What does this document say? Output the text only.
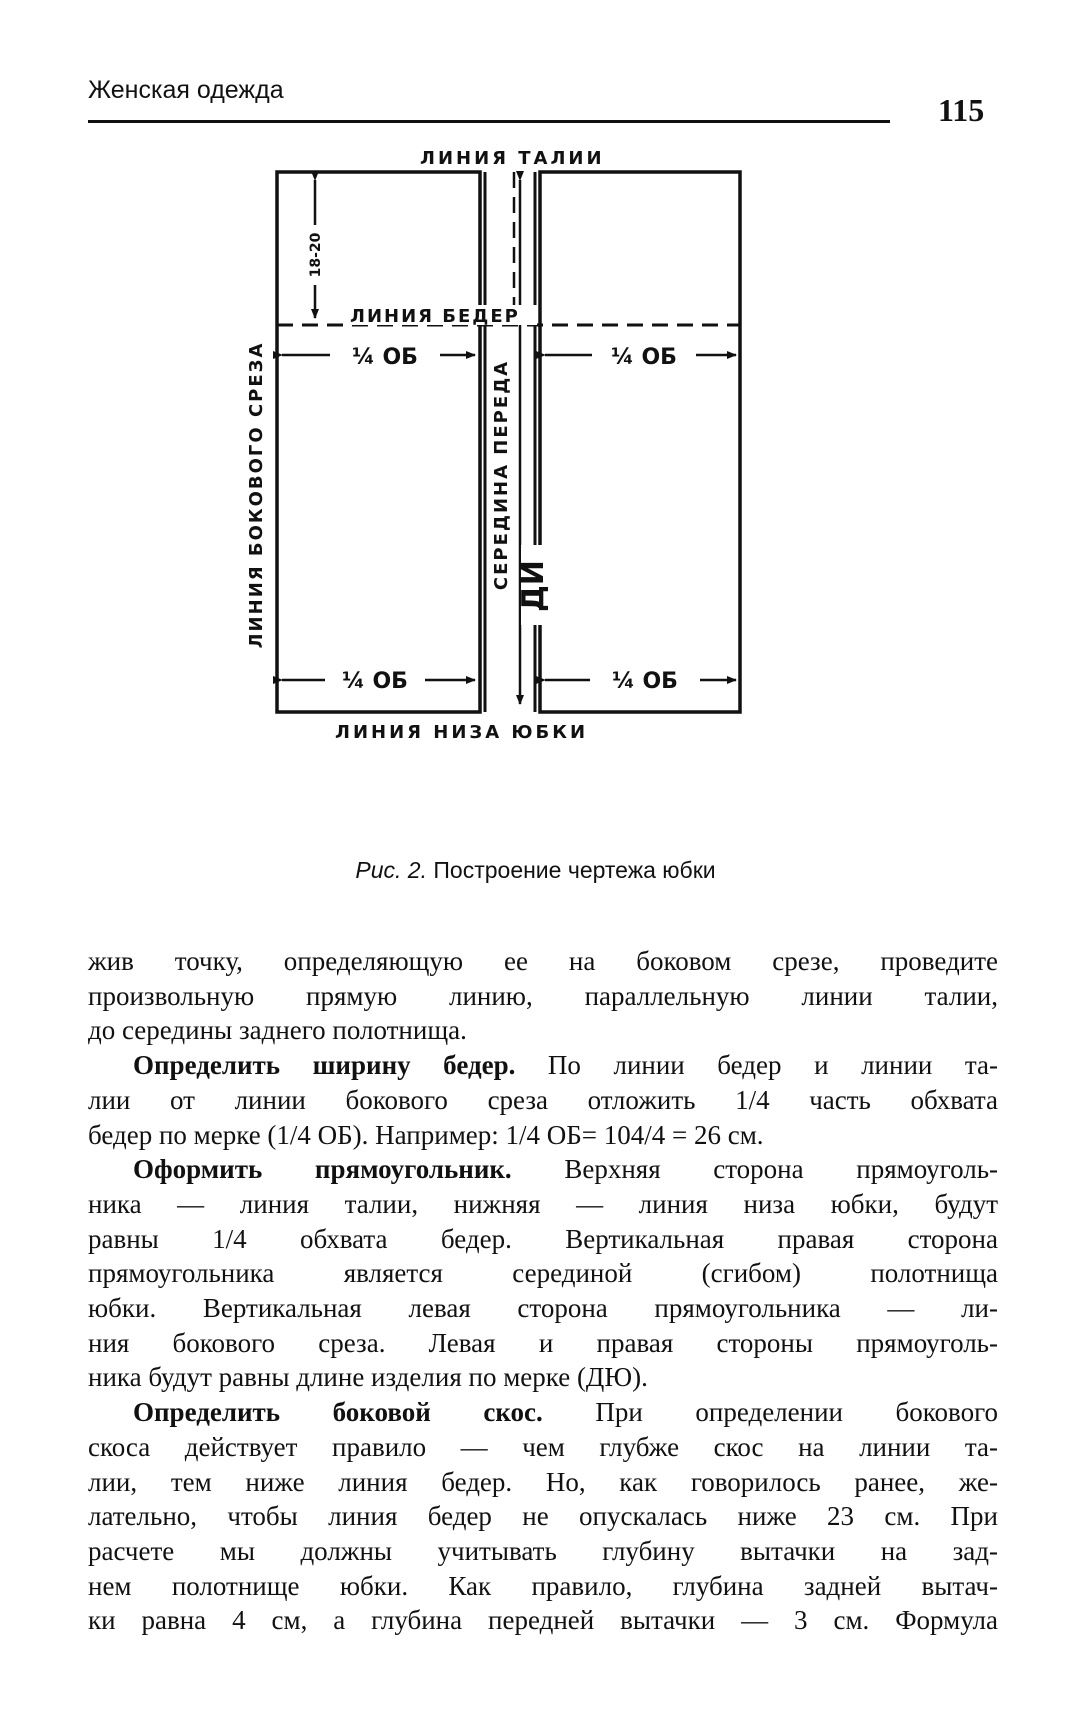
Женская одежда
115
¼ ОБ	¼ ОБ
¼ ОБ	¼ ОБ
ЛИНИЯ ТАЛИИ
ЛИНИЯ БЕДЕР
ЛИНИЯ НИЗА ЮБКИ
18-20
ЛИНИЯ БОКОВОГО СРЕЗА	СЕРЕДИНА ПЕРЕДА ДИ
Рис. 2. Построение чертежа юбки

жив точку, определяющую ее на боковом срезе, проведите

произвольную прямую линию, параллельную линии талии,

до середины заднего полотнища.

Определить ширину бедер. По линии бедер и линии та-

лии от линии бокового среза отложить 1/4 часть обхвата

бедер по мерке (1/4 ОБ). Например: 1/4 ОБ= 104/4 = 26 см.

Оформить прямоугольник. Верхняя сторона прямоуголь-

ника — линия талии, нижняя — линия низа юбки, будут

равны 1/4 обхвата бедер. Вертикальная правая сторона

прямоугольника является серединой (сгибом) полотнища

юбки. Вертикальная левая сторона прямоугольника — ли-

ния бокового среза. Левая и правая стороны прямоуголь-

ника будут равны длине изделия по мерке (ДЮ).

Определить боковой скос. При определении бокового

скоса действует правило — чем глубже скос на линии та-

лии, тем ниже линия бедер. Но, как говорилось ранее, же-

лательно, чтобы линия бедер не опускалась ниже 23 см. При

расчете мы должны учитывать глубину вытачки на зад-

нем полотнище юбки. Как правило, глубина задней вытач-

ки равна 4 см, а глубина передней вытачки — 3 см. Формула
